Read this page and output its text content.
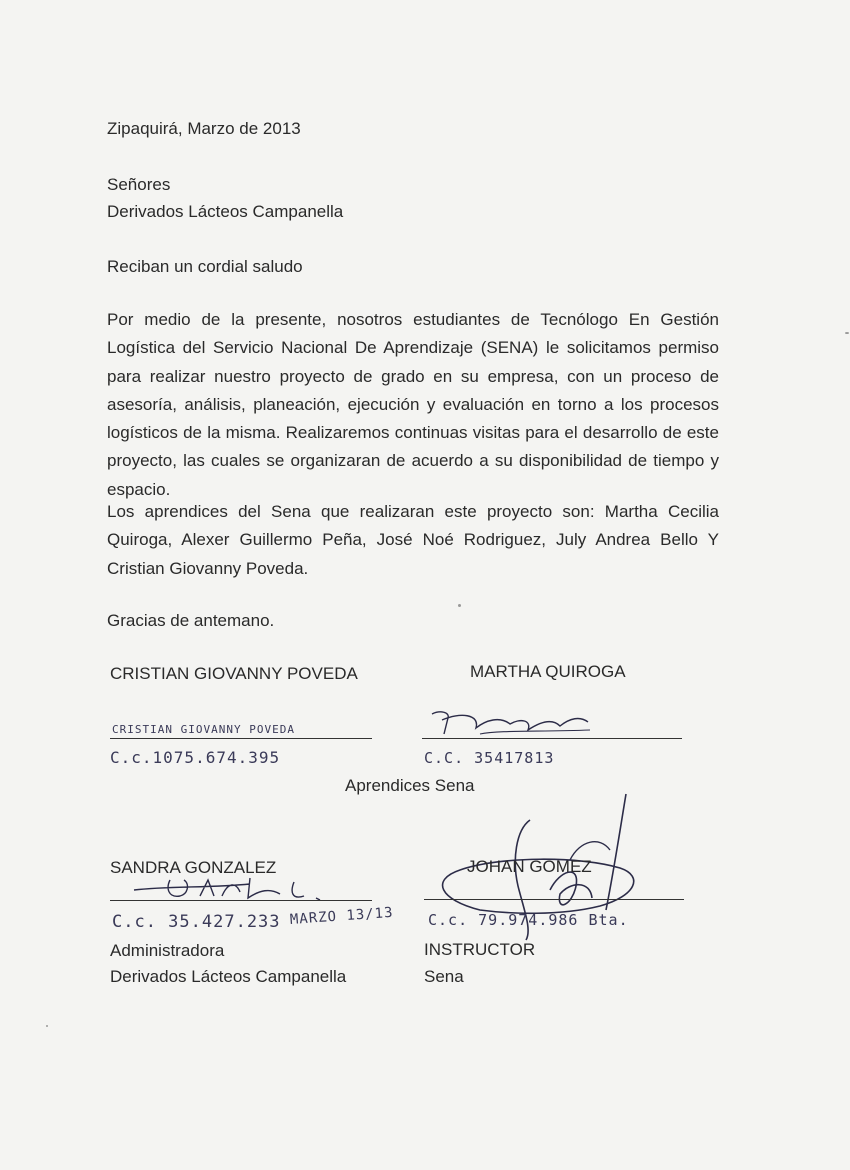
Zipaquirá, Marzo de 2013
Señores
Derivados Lácteos Campanella
Reciban un cordial saludo
Por medio de la presente, nosotros estudiantes de Tecnólogo En Gestión Logística del Servicio Nacional De Aprendizaje (SENA) le solicitamos permiso para realizar nuestro proyecto de grado en su empresa, con un proceso de asesoría, análisis, planeación, ejecución y evaluación en torno a los procesos logísticos de la misma. Realizaremos continuas visitas para el desarrollo de este proyecto, las cuales se organizaran de acuerdo a su disponibilidad de tiempo y espacio.
Los aprendices del Sena que realizaran este proyecto son: Martha Cecilia Quiroga, Alexer Guillermo Peña, José Noé Rodriguez, July Andrea Bello Y Cristian Giovanny Poveda.
Gracias de antemano.
CRISTIAN GIOVANNY POVEDA
CRISTIAN GIOVANNY POVEDA
C.c.1075.674.395
MARTHA QUIROGA
C.C. 35417813
Aprendices Sena
SANDRA GONZALEZ
C.c. 35.427.233 MARZO 13/13
Administradora
Derivados Lácteos Campanella
JOHAN GOMEZ
C.c. 79.974.986 Bta.
INSTRUCTOR
Sena
